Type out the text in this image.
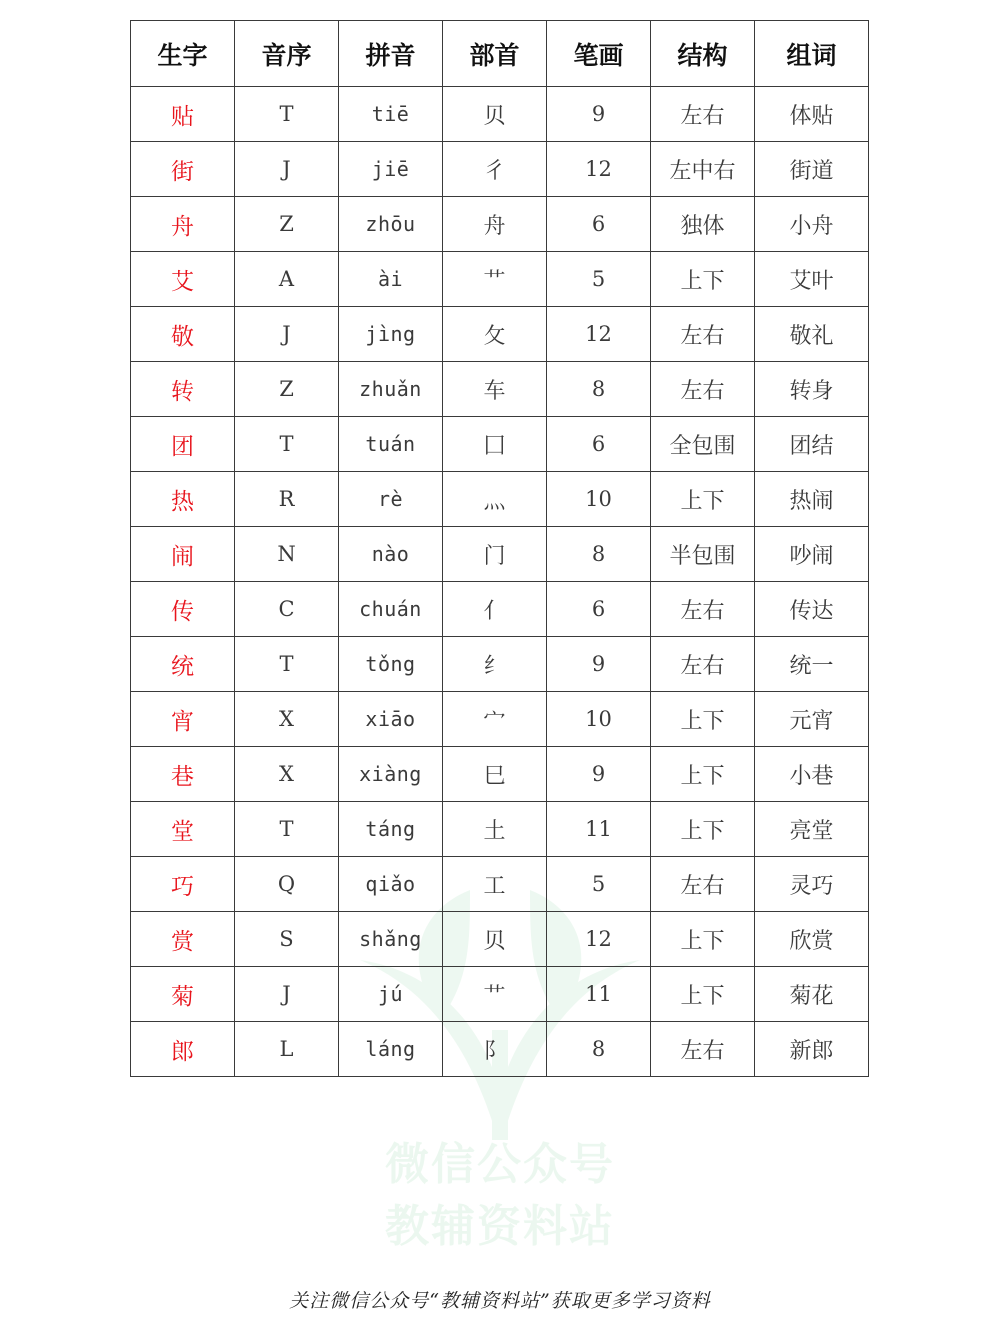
微信公众号
教辅资料站
生字	音序	拼音	部首	笔画	结构	组词
贴	T	tiē	贝	9	左右	体贴
街	J	jiē	彳	12	左中右	街道
舟	Z	zhōu	舟	6	独体	小舟
艾	A	ài	艹	5	上下	艾叶
敬	J	jìng	攵	12	左右	敬礼
转	Z	zhuǎn	车	8	左右	转身
团	T	tuán	囗	6	全包围	团结
热	R	rè	灬	10	上下	热闹
闹	N	nào	门	8	半包围	吵闹
传	C	chuán	亻	6	左右	传达
统	T	tǒng	纟	9	左右	统一
宵	X	xiāo	宀	10	上下	元宵
巷	X	xiàng	巳	9	上下	小巷
堂	T	táng	土	11	上下	亮堂
巧	Q	qiǎo	工	5	左右	灵巧
赏	S	shǎng	贝	12	上下	欣赏
菊	J	jú	艹	11	上下	菊花
郎	L	láng	阝	8	左右	新郎
关注微信公众号“教辅资料站”获取更多学习资料
